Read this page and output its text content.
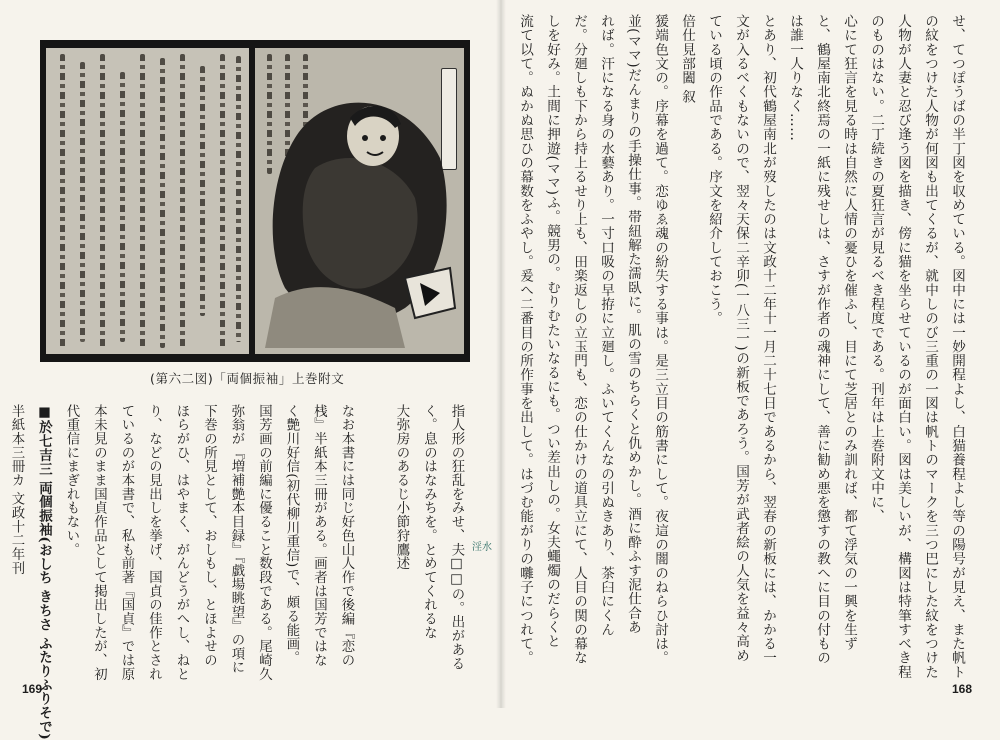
(第六二図)「両個振袖」上巻附文	せ、てつぽうばの半丁図を収めている。図中には一妙開程よし、白猫養程よし等の陽号が見え、また帆ト
の紋をつけた人物が何図も出てくるが、就中しのび三重の一図は帆トのマークを三つ巴にした紋をつけた
人物が人妻と忍び逢う図を描き、傍に猫を坐らせているのが面白い。図は美しいが、構図は特筆すべき程
のものはない。二丁続きの夏狂言が見るべき程度である。刊年は上巻附文中に、
心にて狂言を見る時は自然に人情の憂ひを催ふし、目にて芝居とのみ訓れば、都て浮気の一興を生ず
と、鶴屋南北終焉の一紙に残せしは、さすが作者の魂神にして、善に勧め悪を懲すの教へに目の付もの
は誰一人りなく……
とあり、初代鶴屋南北が歿したのは文政十二年十一月二十七日であるから、翌春の新板には、かかる一
文が入るべくもないので、翌々天保二辛卯(一八三一)の新板であろう。国芳が武者絵の人気を益々高め
ている頃の作品である。序文を紹介しておこう。
倍仕見部闔 叙
猨端色文の。序幕を過て。恋ゆゑ魂の紛失する事は。是三立目の筋書にして。夜這の闇のねらひ討は。
並(ママ)だんまりの手操仕事。帯紐解た濡臥に。肌の雪のちらくと仇めかし。酒に酔ふす泥仕合あ
れば。汗になる身の水藝あり。一寸口吸の早拵に立廻し。ふいてくんなの引ぬきあり、茶臼にくん
だ。分廻しも下から持上るせり上も、田楽返しの立玉門も、恋の仕かけの道具立にて、人目の関の幕な
しを好み。土間に押遊(ママ)ふ。競男の。むりむたいなるにも。つい差出しの。女夫蠅燭のだらくと
流て以て。ぬかぬ思ひの幕数をふやし。爰へ二番目の所作事を出して。はづむ能がりの囃子につれて。
指人形の狂乱をみせ、夫□□の。出がある
く。息のはなみちを。とめてくれるな
大弥房のあるじ小節狩鷹述
なお本書には同じ好色山人作で後編『恋の
桟』半紙本三冊がある。画者は国芳ではな
く艶川好信(初代柳川重信)で、頗る能画。
国芳画の前編に優ること数段である。尾崎久
弥翁が『増補艶本目録』『戯場眺望』の項に
下巻の所見として、おしもし、とほよせの
ほらがひ、はやまく、がんどうがへし、ねと
り、などの見出しを挙げ、国貞の佳作とされ
ているのが本書で、私も前著『国貞』では原
本未見のまま国貞作品として掲出したが、初
代重信にまぎれもない。
■於七吉三 両個振袖(おしち きちさ ふたりふりそで)
半紙本三冊カ 文政十二年刊	淫水
169	168
